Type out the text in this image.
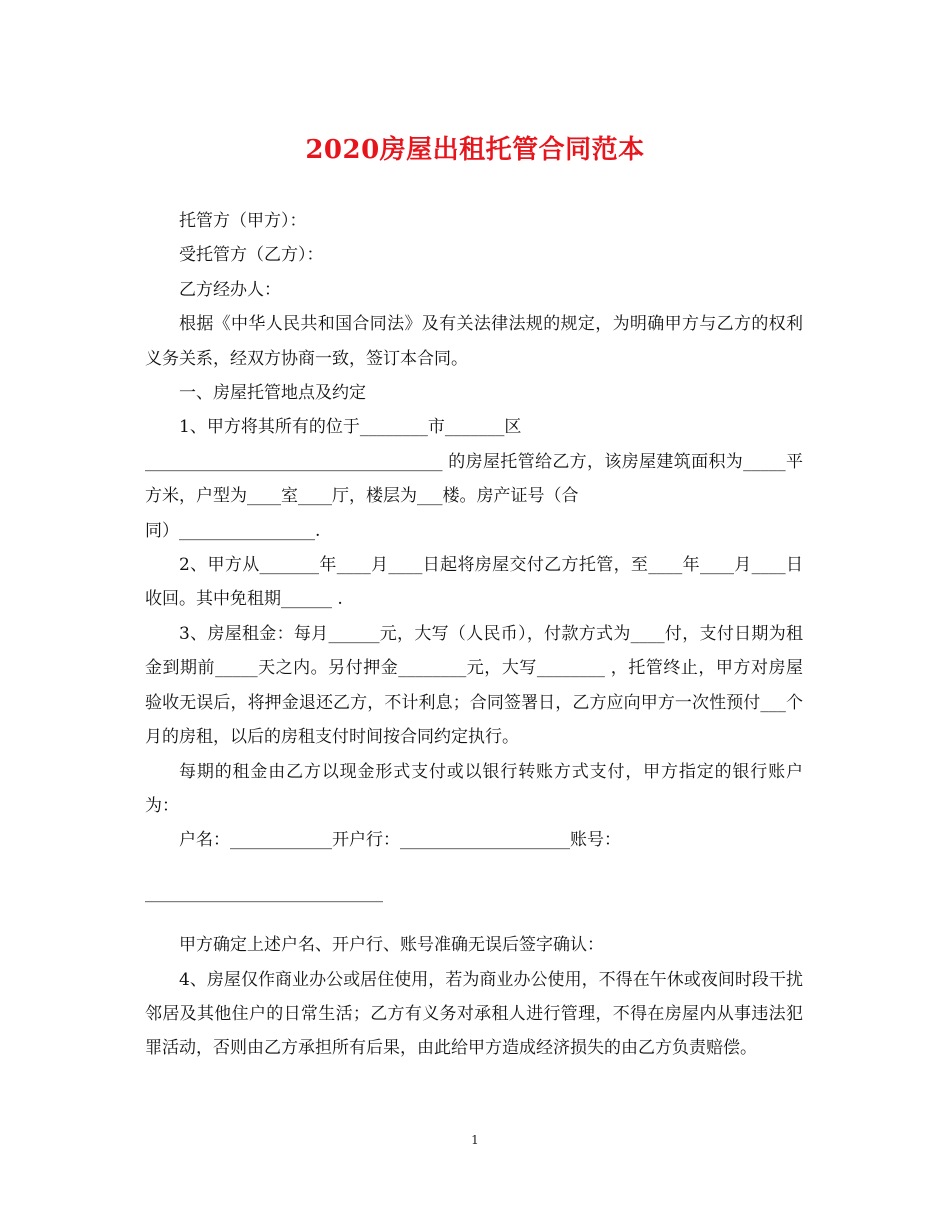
2020房屋出租托管合同范本

托管方（甲方）：

受托管方（乙方）：

乙方经办人：

根据《中华人民共和国合同法》及有关法律法规的规定，为明确甲方与乙方的权利义务关系，经双方协商一致，签订本合同。

一、房屋托管地点及约定

1、甲方将其所有的位于________市_______区

___________________________________ 的房屋托管给乙方，该房屋建筑面积为_____平方米，户型为____室____厅，楼层为___楼。房产证号（合

同）________________.

2、甲方从_______年____月____日起将房屋交付乙方托管，至____年____月____日收回。其中免租期______ .

3、房屋租金：每月______元，大写（人民币），付款方式为____付，支付日期为租金到期前_____天之内。另付押金________元，大写________ ，托管终止，甲方对房屋验收无误后，将押金退还乙方，不计利息；合同签署日，乙方应向甲方一次性预付___个月的房租，以后的房租支付时间按合同约定执行。

每期的租金由乙方以现金形式支付或以银行转账方式支付，甲方指定的银行账户为：

户名：____________开户行：____________________账号：

____________________________

甲方确定上述户名、开户行、账号准确无误后签字确认：

4、房屋仅作商业办公或居住使用，若为商业办公使用，不得在午休或夜间时段干扰邻居及其他住户的日常生活；乙方有义务对承租人进行管理，不得在房屋内从事违法犯罪活动，否则由乙方承担所有后果，由此给甲方造成经济损失的由乙方负责赔偿。

1
